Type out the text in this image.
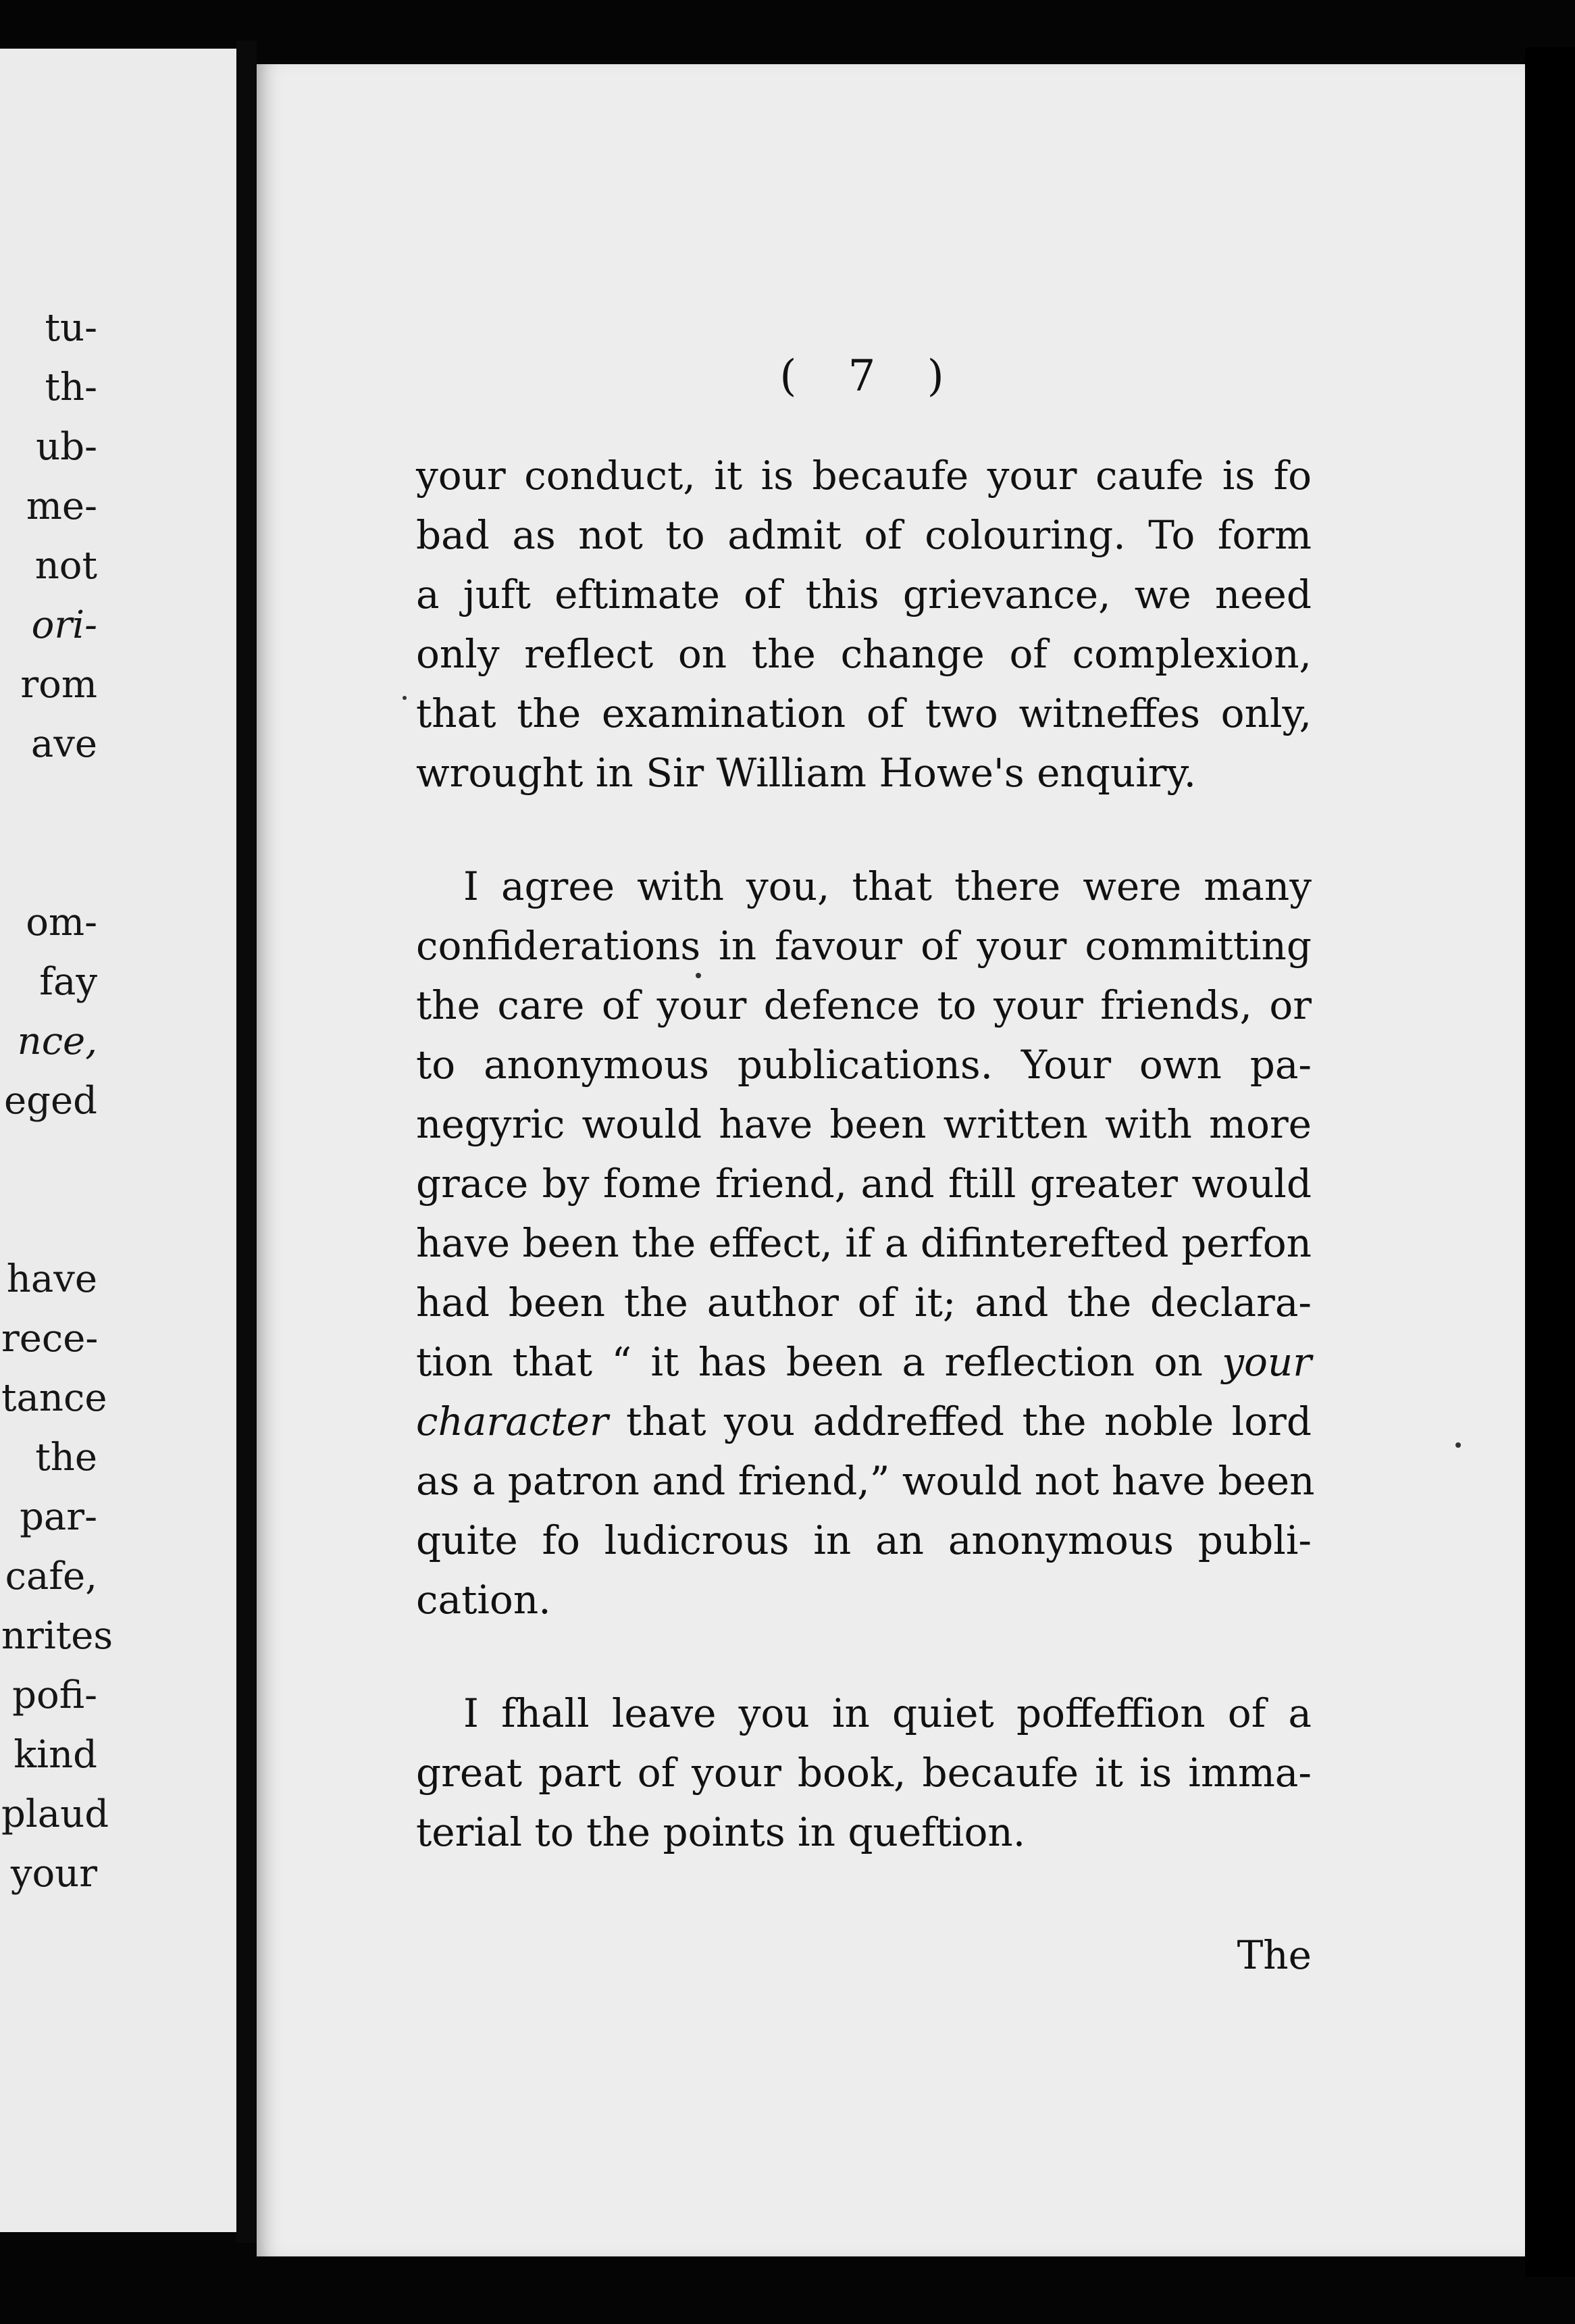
tu-
th-
ub-
me-
not
ori-
rom
ave
om-
fay
nce,
eged
have
rece-
tance
the
par-
cafe,
nrites
pofi-
kind
plaud
your
( 7 )
your conduct, it is becaufe your caufe is fo
bad as not to admit of colouring. To form
a juft eftimate of this grievance, we need
only reflect on the change of complexion,
that the examination of two witneffes only,
wrought in Sir William Howe's enquiry.
I agree with you, that there were many
confiderations in favour of your committing
the care of your defence to your friends, or
to anonymous publications. Your own pa-
negyric would have been written with more
grace by fome friend, and ftill greater would
have been the effect, if a difinterefted perfon
had been the author of it; and the declara-
tion that “ it has been a reflection on your
character that you addreffed the noble lord
as a patron and friend,” would not have been
quite fo ludicrous in an anonymous publi-
cation.
I fhall leave you in quiet poffeffion of a
great part of your book, becaufe it is imma-
terial to the points in queftion.
The
